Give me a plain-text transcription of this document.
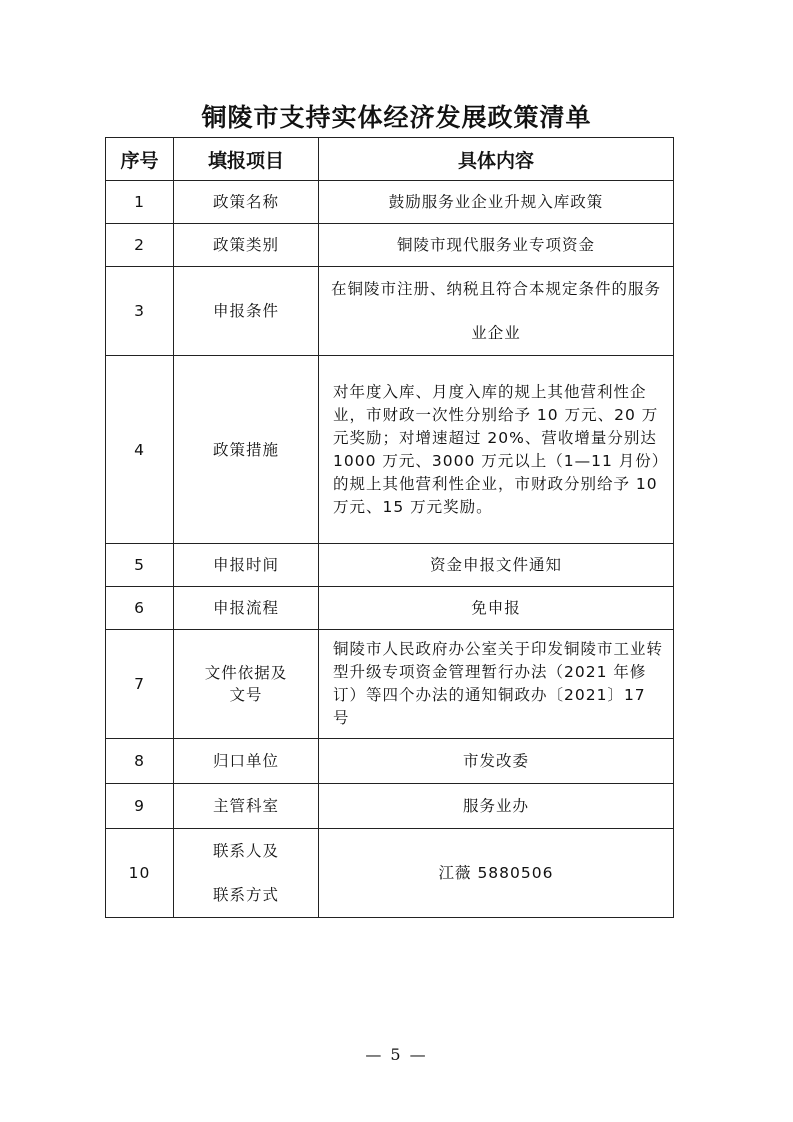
铜陵市支持实体经济发展政策清单
序号	填报项目	具体内容
1	政策名称	鼓励服务业企业升规入库政策
2	政策类别	铜陵市现代服务业专项资金
3	申报条件	在铜陵市注册、纳税且符合本规定条件的服务业企业

4	政策措施	对年度入库、月度入库的规上其他营利性企业，市财政一次性分别给予 10 万元、20 万元奖励；对增速超过 20%、营收增量分别达 1000 万元、3000 万元以上（1—11 月份）的规上其他营利性企业，市财政分别给予 10 万元、15 万元奖励。

5	申报时间	资金申报文件通知
6	申报流程	免申报
7	文件依据及文号	铜陵市人民政府办公室关于印发铜陵市工业转型升级专项资金管理暂行办法（2021 年修订）等四个办法的通知铜政办〔2021〕17 号

8	归口单位	市发改委
9	主管科室	服务业办
10	联系人及联系方式	江薇 5880506
— 5 —
